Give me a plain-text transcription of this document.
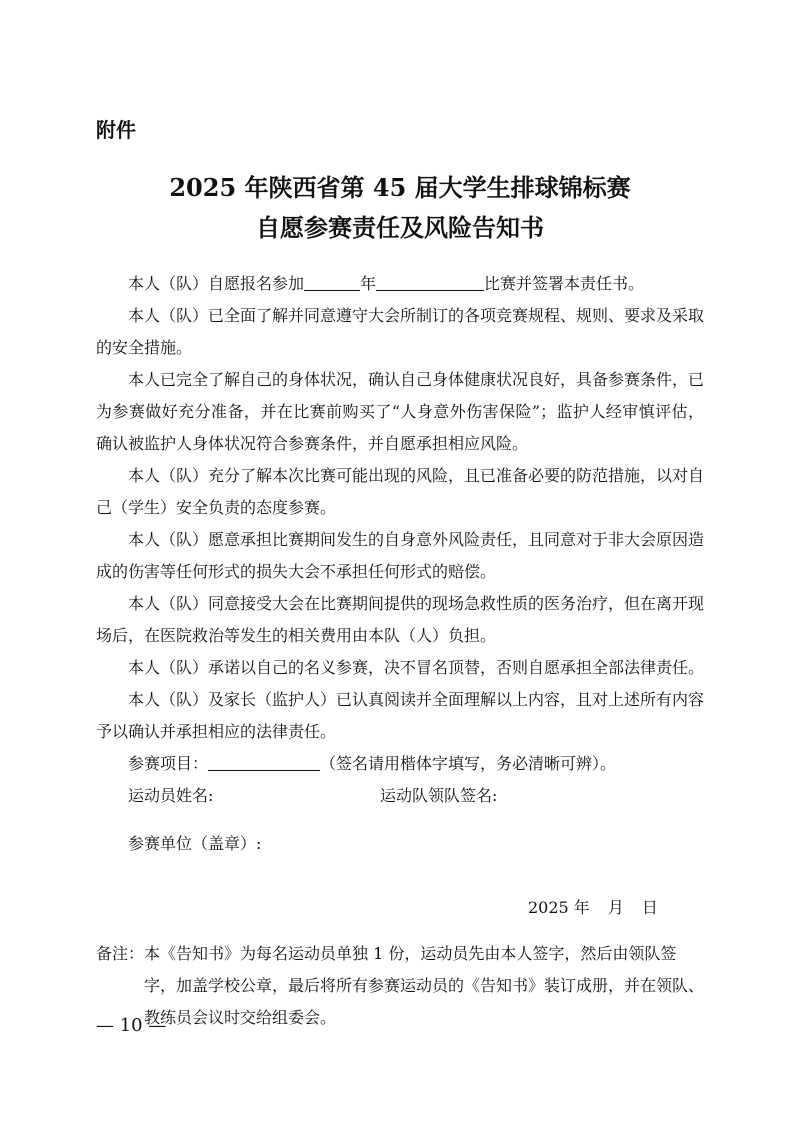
附件
2025 年陕西省第 45 届大学生排球锦标赛
自愿参赛责任及风险告知书
本人（队）自愿报名参加	年	比赛并签署本责任书。
本人（队）已全面了解并同意遵守大会所制订的各项竞赛规程、规则、要求及采取的安全措施。
本人已完全了解自己的身体状况，确认自己身体健康状况良好，具备参赛条件，已为参赛做好充分准备，并在比赛前购买了“人身意外伤害保险”；监护人经审慎评估，确认被监护人身体状况符合参赛条件，并自愿承担相应风险。
本人（队）充分了解本次比赛可能出现的风险，且已准备必要的防范措施，以对自己（学生）安全负责的态度参赛。
本人（队）愿意承担比赛期间发生的自身意外风险责任，且同意对于非大会原因造成的伤害等任何形式的损失大会不承担任何形式的赔偿。
本人（队）同意接受大会在比赛期间提供的现场急救性质的医务治疗，但在离开现场后，在医院救治等发生的相关费用由本队（人）负担。
本人（队）承诺以自己的名义参赛，决不冒名顶替，否则自愿承担全部法律责任。
本人（队）及家长（监护人）已认真阅读并全面理解以上内容，且对上述所有内容予以确认并承担相应的法律责任。
参赛项目：	（签名请用楷体字填写，务必清晰可辨）。
运动员姓名:	运动队领队签名:
参赛单位（盖章）:
2025 年 月 日
备注： 本《告知书》为每名运动员单独 1 份，运动员先由本人签字，然后由领队签字，加盖学校公章，最后将所有参赛运动员的《告知书》装订成册，并在领队、教练员会议时交给组委会。
— 10 —
